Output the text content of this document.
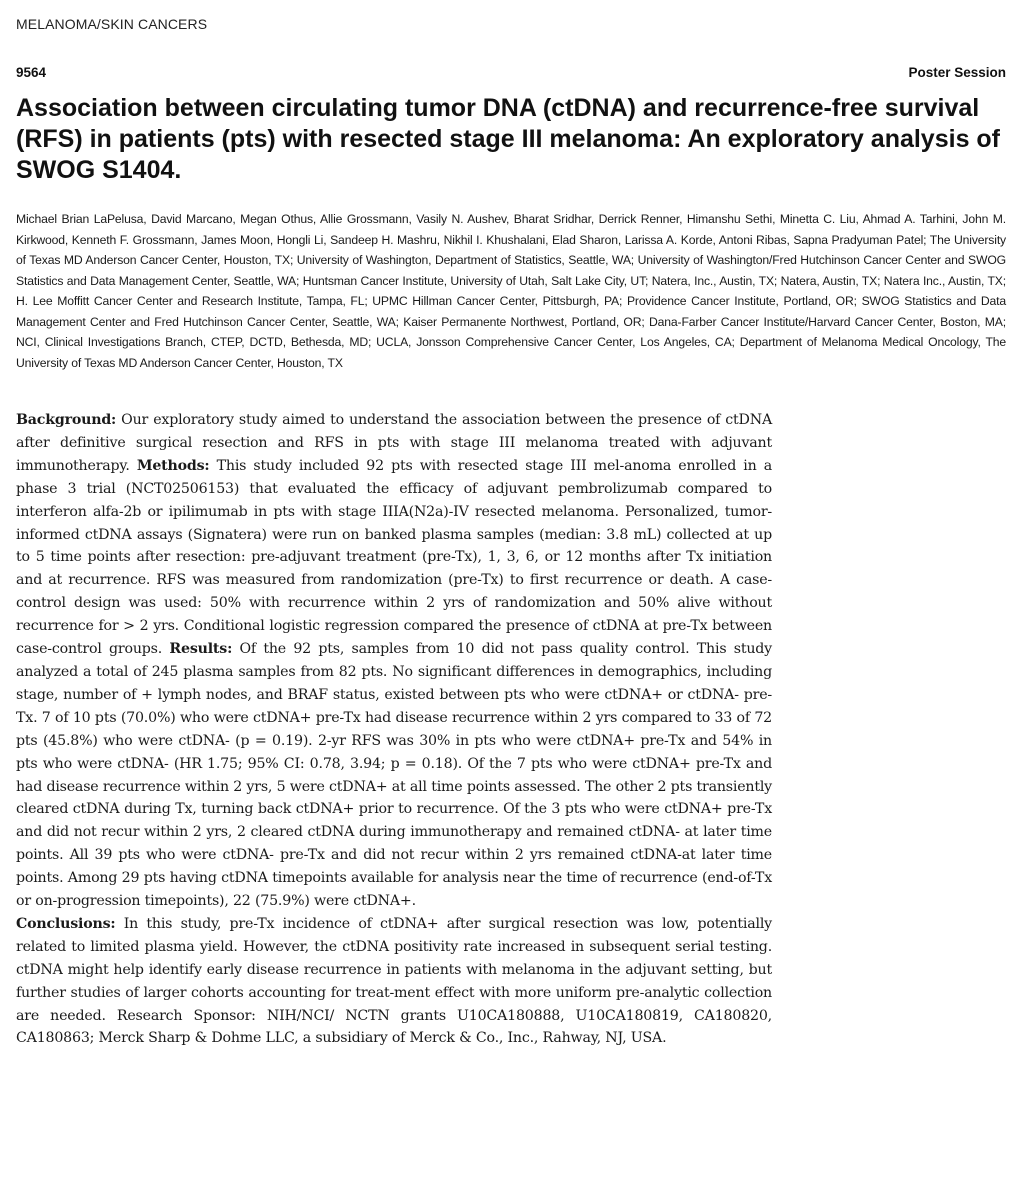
MELANOMA/SKIN CANCERS

9564	Poster Session
Association between circulating tumor DNA (ctDNA) and recurrence-free survival (RFS) in patients (pts) with resected stage III melanoma: An exploratory analysis of SWOG S1404.
Michael Brian LaPelusa, David Marcano, Megan Othus, Allie Grossmann, Vasily N. Aushev, Bharat Sridhar, Derrick Renner, Himanshu Sethi, Minetta C. Liu, Ahmad A. Tarhini, John M. Kirkwood, Kenneth F. Grossmann, James Moon, Hongli Li, Sandeep H. Mashru, Nikhil I. Khushalani, Elad Sharon, Larissa A. Korde, Antoni Ribas, Sapna Pradyuman Patel; The University of Texas MD Anderson Cancer Center, Houston, TX; University of Washington, Department of Statistics, Seattle, WA; University of Washington/Fred Hutchinson Cancer Center and SWOG Statistics and Data Management Center, Seattle, WA; Huntsman Cancer Institute, University of Utah, Salt Lake City, UT; Natera, Inc., Austin, TX; Natera, Austin, TX; Natera Inc., Austin, TX; H. Lee Moffitt Cancer Center and Research Institute, Tampa, FL; UPMC Hillman Cancer Center, Pittsburgh, PA; Providence Cancer Institute, Portland, OR; SWOG Statistics and Data Management Center and Fred Hutchinson Cancer Center, Seattle, WA; Kaiser Permanente Northwest, Portland, OR; Dana-Farber Cancer Institute/Harvard Cancer Center, Boston, MA; NCI, Clinical Investigations Branch, CTEP, DCTD, Bethesda, MD; UCLA, Jonsson Comprehensive Cancer Center, Los Angeles, CA; Department of Melanoma Medical Oncology, The University of Texas MD Anderson Cancer Center, Houston, TX
Background: Our exploratory study aimed to understand the association between the presence of ctDNA after definitive surgical resection and RFS in pts with stage III melanoma treated with adjuvant immunotherapy. Methods: This study included 92 pts with resected stage III mel-anoma enrolled in a phase 3 trial (NCT02506153) that evaluated the efficacy of adjuvant pembrolizumab compared to interferon alfa-2b or ipilimumab in pts with stage IIIA(N2a)-IV resected melanoma. Personalized, tumor-informed ctDNA assays (Signatera) were run on banked plasma samples (median: 3.8 mL) collected at up to 5 time points after resection: pre-adjuvant treatment (pre-Tx), 1, 3, 6, or 12 months after Tx initiation and at recurrence. RFS was measured from randomization (pre-Tx) to first recurrence or death. A case-control design was used: 50% with recurrence within 2 yrs of randomization and 50% alive without recurrence for > 2 yrs. Conditional logistic regression compared the presence of ctDNA at pre-Tx between case-control groups. Results: Of the 92 pts, samples from 10 did not pass quality control. This study analyzed a total of 245 plasma samples from 82 pts. No significant differences in demographics, including stage, number of + lymph nodes, and BRAF status, existed between pts who were ctDNA+ or ctDNA- pre-Tx. 7 of 10 pts (70.0%) who were ctDNA+ pre-Tx had disease recurrence within 2 yrs compared to 33 of 72 pts (45.8%) who were ctDNA- (p = 0.19). 2-yr RFS was 30% in pts who were ctDNA+ pre-Tx and 54% in pts who were ctDNA- (HR 1.75; 95% CI: 0.78, 3.94; p = 0.18). Of the 7 pts who were ctDNA+ pre-Tx and had disease recurrence within 2 yrs, 5 were ctDNA+ at all time points assessed. The other 2 pts transiently cleared ctDNA during Tx, turning back ctDNA+ prior to recurrence. Of the 3 pts who were ctDNA+ pre-Tx and did not recur within 2 yrs, 2 cleared ctDNA during immunotherapy and remained ctDNA- at later time points. All 39 pts who were ctDNA- pre-Tx and did not recur within 2 yrs remained ctDNA-at later time points. Among 29 pts having ctDNA timepoints available for analysis near the time of recurrence (end-of-Tx or on-progression timepoints), 22 (75.9%) were ctDNA+.
Conclusions: In this study, pre-Tx incidence of ctDNA+ after surgical resection was low, potentially related to limited plasma yield. However, the ctDNA positivity rate increased in subsequent serial testing. ctDNA might help identify early disease recurrence in patients with melanoma in the adjuvant setting, but further studies of larger cohorts accounting for treat-ment effect with more uniform pre-analytic collection are needed. Research Sponsor: NIH/NCI/ NCTN grants U10CA180888, U10CA180819, CA180820, CA180863; Merck Sharp & Dohme LLC, a subsidiary of Merck & Co., Inc., Rahway, NJ, USA.
